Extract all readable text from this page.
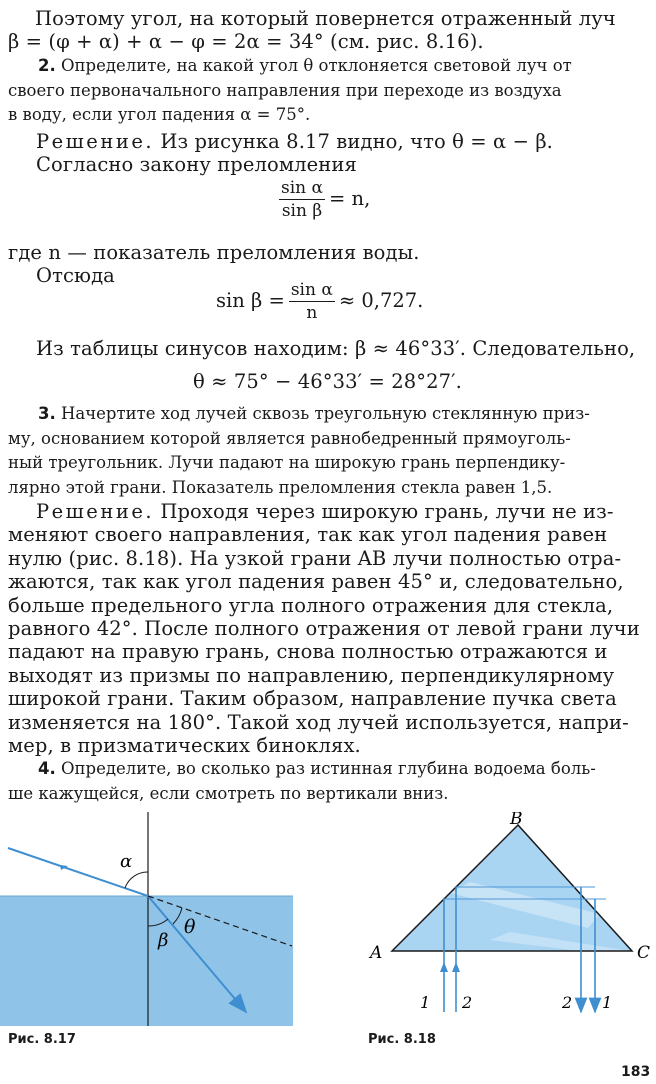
Поэтому угол, на который повернется отраженный луч

β = (φ + α) + α − φ = 2α = 34° (см. рис. 8.16).

2. Определите, на какой угол θ отклоняется световой луч от
своего первоначального направления при переходе из воздуха
в воду, если угол падения α = 75°.

Решение. Из рисунка 8.17 видно, что θ = α − β.

Согласно закону преломления

$\frac{\text{sin α}}{\text{sin β}} = n$,

где n — показатель преломления воды.

Отсюда

$\sin \beta = \frac{\text{sin α}}{n} \approx 0,727$.

Из таблицы синусов находим: β ≈ 46°33′. Следовательно,

θ ≈ 75° − 46°33′ = 28°27′.

3. Начертите ход лучей сквозь треугольную стеклянную приз-
му, основанием которой является равнобедренный прямоуголь-
ный треугольник. Лучи падают на широкую грань перпендику-
лярно этой грани. Показатель преломления стекла равен 1,5.
Решение. Проходя через широкую грань, лучи не из-
меняют своего направления, так как угол падения равен
нулю (рис. 8.18). На узкой грани AB лучи полностью отра-
жаются, так как угол падения равен 45° и, следовательно,
больше предельного угла полного отражения для стекла,
равного 42°. После полного отражения от левой грани лучи
падают на правую грань, снова полностью отражаются и
выходят из призмы по направлению, перпендикулярному
широкой грани. Таким образом, направление пучка света
изменяется на 180°. Такой ход лучей используется, напри-
мер, в призматических биноклях.
4. Определите, во сколько раз истинная глубина водоема боль-
ше кажущейся, если смотреть по вертикали вниз.
α
β
θ
A
B
C
1 2	2 1
Рис. 8.17	Рис. 8.18
183
